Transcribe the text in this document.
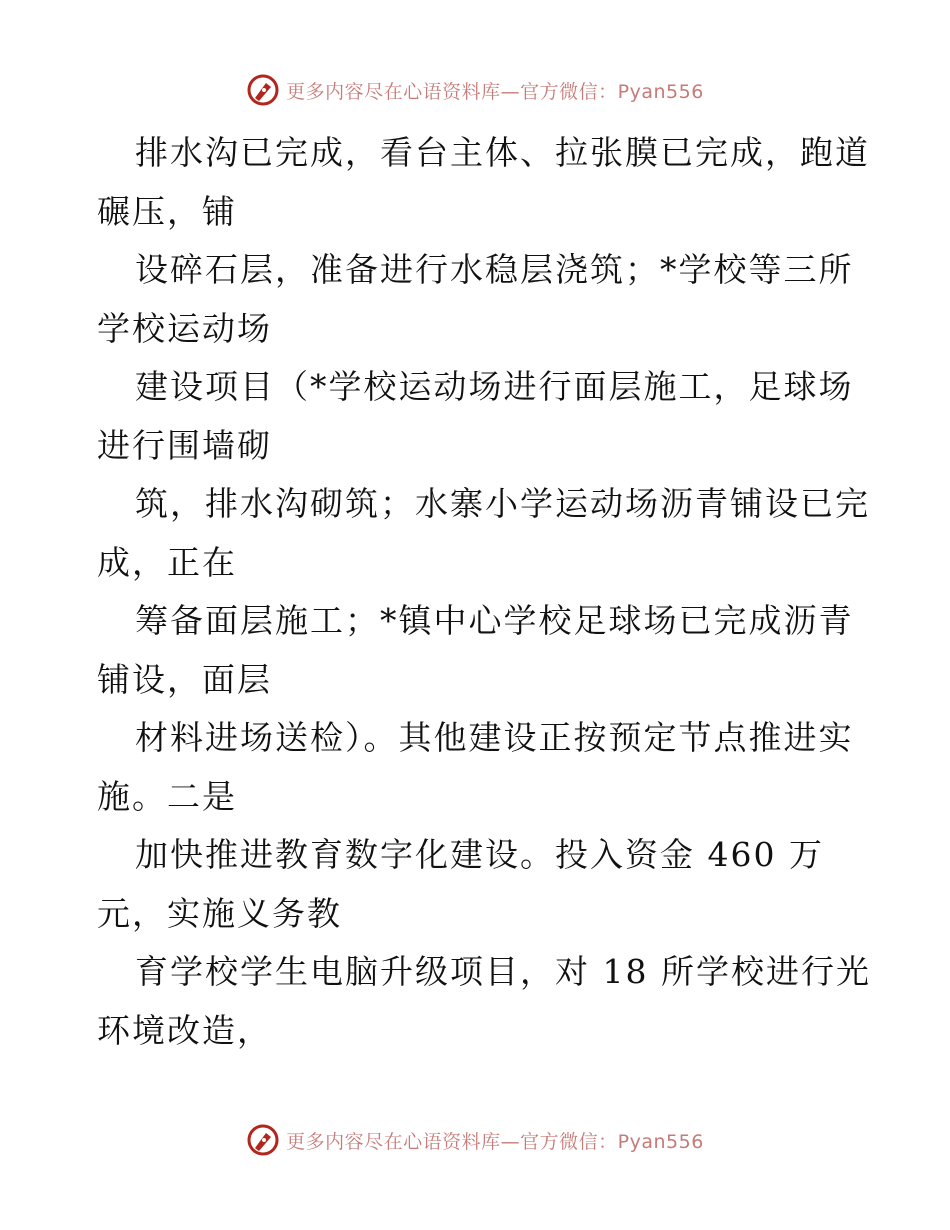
更多内容尽在心语资料库—官方微信：Pyan556
排水沟已完成，看台主体、拉张膜已完成，跑道
碾压，铺
设碎石层，准备进行水稳层浇筑；*学校等三所
学校运动场
建设项目（*学校运动场进行面层施工，足球场
进行围墙砌
筑，排水沟砌筑；水寨小学运动场沥青铺设已完
成，正在
筹备面层施工；*镇中心学校足球场已完成沥青
铺设，面层
材料进场送检）。其他建设正按预定节点推进实
施。二是
加快推进教育数字化建设。投入资金 460 万
元，实施义务教
育学校学生电脑升级项目，对 18 所学校进行光
环境改造，
更多内容尽在心语资料库—官方微信：Pyan556
